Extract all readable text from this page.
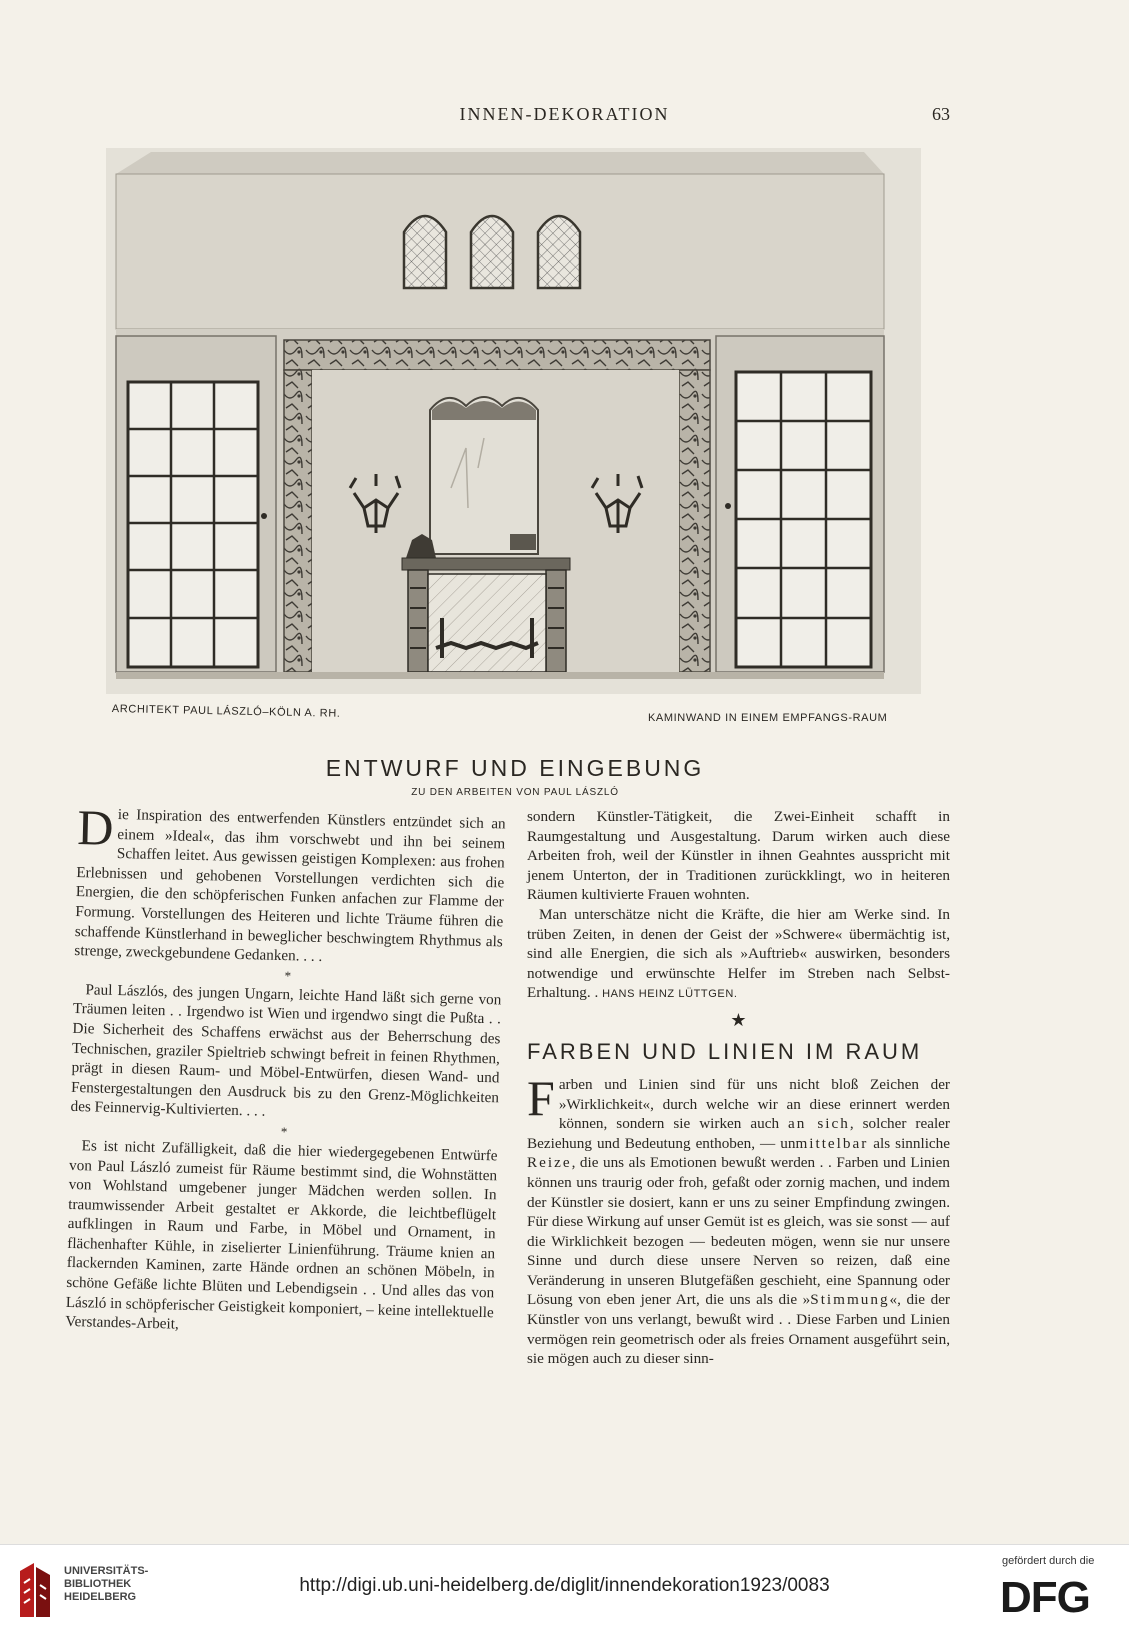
INNEN-DEKORATION	63
ARCHITEKT PAUL LÁSZLÓ–KÖLN A. RH.	KAMINWAND IN EINEM EMPFANGS-RAUM
ENTWURF UND EINGEBUNG
ZU DEN ARBEITEN VON PAUL LÁSZLÓ

Die Inspiration des entwerfenden Künstlers entzündet sich an einem »Ideal«, das ihm vorschwebt und ihn bei seinem Schaffen leitet. Aus gewissen geistigen Komplexen: aus frohen Erlebnissen und gehobenen Vorstellungen verdichten sich die Energien, die den schöpferischen Funken anfachen zur Flamme der Formung. Vorstellungen des Heiteren und lichte Träume führen die schaffende Künstlerhand in beweglicher beschwingtem Rhythmus als strenge, zweckgebundene Gedanken. . . .

*

Paul Lászlós, des jungen Ungarn, leichte Hand läßt sich gerne von Träumen leiten . . Irgendwo ist Wien und irgendwo singt die Pußta . . Die Sicherheit des Schaffens erwächst aus der Beherrschung des Technischen, graziler Spieltrieb schwingt befreit in feinen Rhythmen, prägt in diesen Raum- und Möbel-Entwürfen, diesen Wand- und Fenstergestaltungen den Ausdruck bis zu den Grenz-Möglichkeiten des Feinnervig-Kultivierten. . . .

*

Es ist nicht Zufälligkeit, daß die hier wiedergegebenen Entwürfe von Paul László zumeist für Räume bestimmt sind, die Wohnstätten von Wohlstand umgebener junger Mädchen werden sollen. In traumwissender Arbeit gestaltet er Akkorde, die leichtbeflügelt aufklingen in Raum und Farbe, in Möbel und Ornament, in flächenhafter Kühle, in ziselierter Linienführung. Träume knien an flackernden Kaminen, zarte Hände ordnen an schönen Möbeln, in schöne Gefäße lichte Blüten und Lebendigsein . . Und alles das von László in schöpferischer Geistigkeit komponiert, – keine intellektuelle Verstandes-Arbeit,

sondern Künstler-Tätigkeit, die Zwei-Einheit schafft in Raumgestaltung und Ausgestaltung. Darum wirken auch diese Arbeiten froh, weil der Künstler in ihnen Geahntes ausspricht mit jenem Unterton, der in Traditionen zurückklingt, wo in heiteren Räumen kultivierte Frauen wohnten.

Man unterschätze nicht die Kräfte, die hier am Werke sind. In trüben Zeiten, in denen der Geist der »Schwere« übermächtig ist, sind alle Energien, die sich als »Auftrieb« auswirken, besonders notwendige und erwünschte Helfer im Streben nach Selbst-Erhaltung. . HANS HEINZ LÜTTGEN.

★
FARBEN UND LINIEN IM RAUM

Farben und Linien sind für uns nicht bloß Zeichen der »Wirklichkeit«, durch welche wir an diese erinnert werden können, sondern sie wirken auch an sich, solcher realer Beziehung und Bedeutung enthoben, — unmittelbar als sinnliche Reize, die uns als Emotionen bewußt werden . . Farben und Linien können uns traurig oder froh, gefaßt oder zornig machen, und indem der Künstler sie dosiert, kann er uns zu seiner Empfindung zwingen. Für diese Wirkung auf unser Gemüt ist es gleich, was sie sonst — auf die Wirklichkeit bezogen — bedeuten mögen, wenn sie nur unsere Sinne und durch diese unsere Nerven so reizen, daß eine Veränderung in unseren Blutgefäßen geschieht, eine Spannung oder Lösung von eben jener Art, die uns als die »Stimmung«, die der Künstler von uns verlangt, bewußt wird . . Diese Farben und Linien vermögen rein geometrisch oder als freies Ornament ausgeführt sein, sie mögen auch zu dieser sinn-

UNIVERSITÄTS-
BIBLIOTHEK
HEIDELBERG
http://digi.ub.uni-heidelberg.de/diglit/innendekoration1923/0083
gefördert durch die
DFG
